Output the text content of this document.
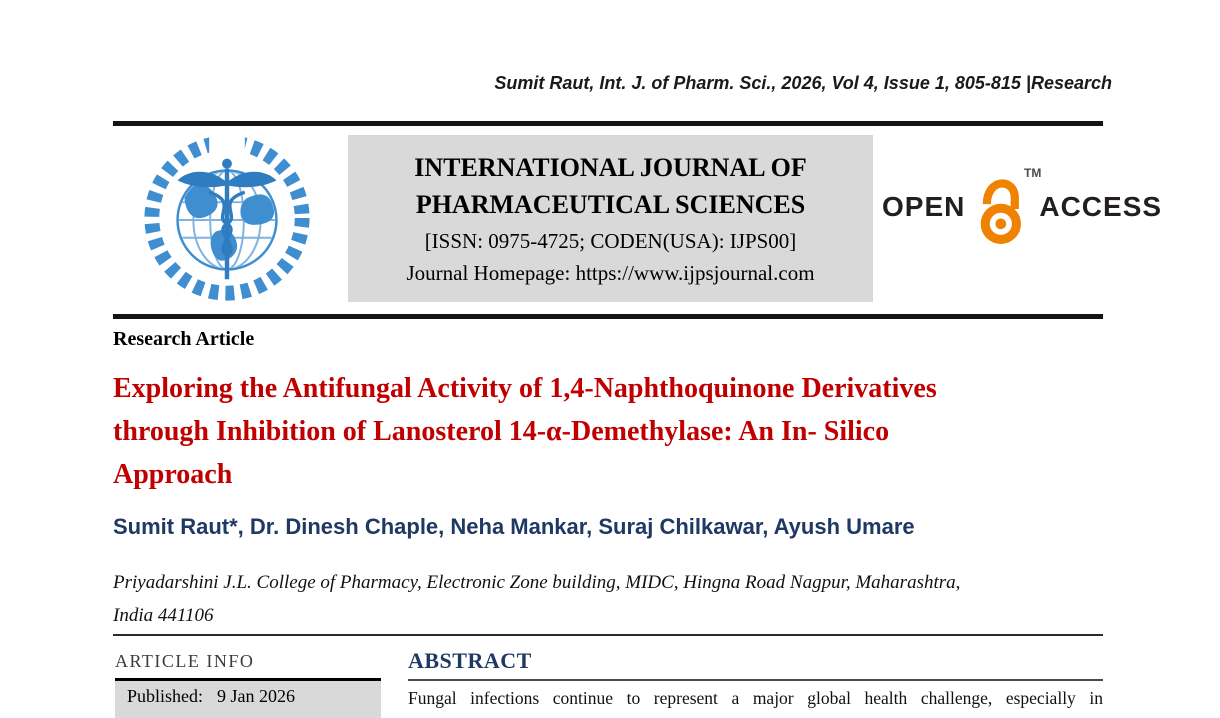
Sumit Raut, Int. J. of Pharm. Sci., 2026, Vol 4, Issue 1, 805-815 |Research
INTERNATIONAL JOURNAL OF
PHARMACEUTICAL SCIENCES
[ISSN: 0975-4725; CODEN(USA): IJPS00]
Journal Homepage: https://www.ijpsjournal.com
OPEN
TM
ACCESS
Research Article
Exploring the Antifungal Activity of 1,4-Naphthoquinone Derivatives
through Inhibition of Lanosterol 14-α-Demethylase: An In- Silico
Approach
Sumit Raut*, Dr. Dinesh Chaple, Neha Mankar, Suraj Chilkawar, Ayush Umare
Priyadarshini J.L. College of Pharmacy, Electronic Zone building, MIDC, Hingna Road Nagpur, Maharashtra,
India 441106
ARTICLE INFO
Published: 9 Jan 2026
ABSTRACT
Fungal infections continue to represent a major global health challenge, especially in
